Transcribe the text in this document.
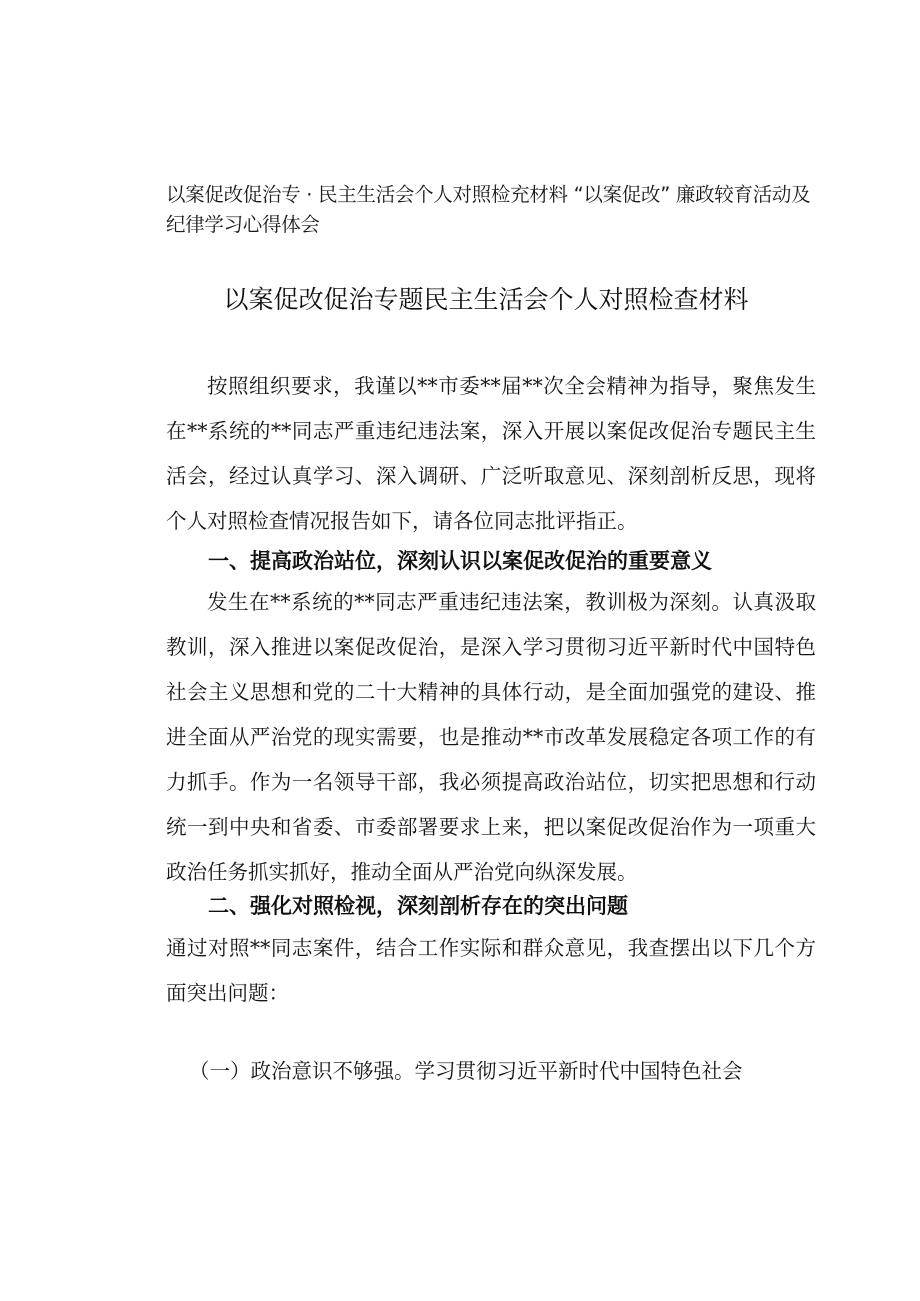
以案促改促治专 · 民主生活会个人对照检充材料 “以案促改” 廉政较育活动及纪律学习心得体会

以案促改促治专题民主生活会个人对照检查材料

按照组织要求，我谨以**市委**届**次全会精神为指导，聚焦发生在**系统的**同志严重违纪违法案，深入开展以案促改促治专题民主生活会，经过认真学习、深入调研、广泛听取意见、深刻剖析反思，现将个人对照检查情况报告如下，请各位同志批评指正。

一、提高政治站位，深刻认识以案促改促治的重要意义

发生在**系统的**同志严重违纪违法案，教训极为深刻。认真汲取教训，深入推进以案促改促治，是深入学习贯彻习近平新时代中国特色社会主义思想和党的二十大精神的具体行动，是全面加强党的建设、推进全面从严治党的现实需要，也是推动**市改革发展稳定各项工作的有力抓手。作为一名领导干部，我必须提高政治站位，切实把思想和行动统一到中央和省委、市委部署要求上来，把以案促改促治作为一项重大政治任务抓实抓好，推动全面从严治党向纵深发展。

二、强化对照检视，深刻剖析存在的突出问题

通过对照**同志案件，结合工作实际和群众意见，我查摆出以下几个方面突出问题：

（一）政治意识不够强。学习贯彻习近平新时代中国特色社会
